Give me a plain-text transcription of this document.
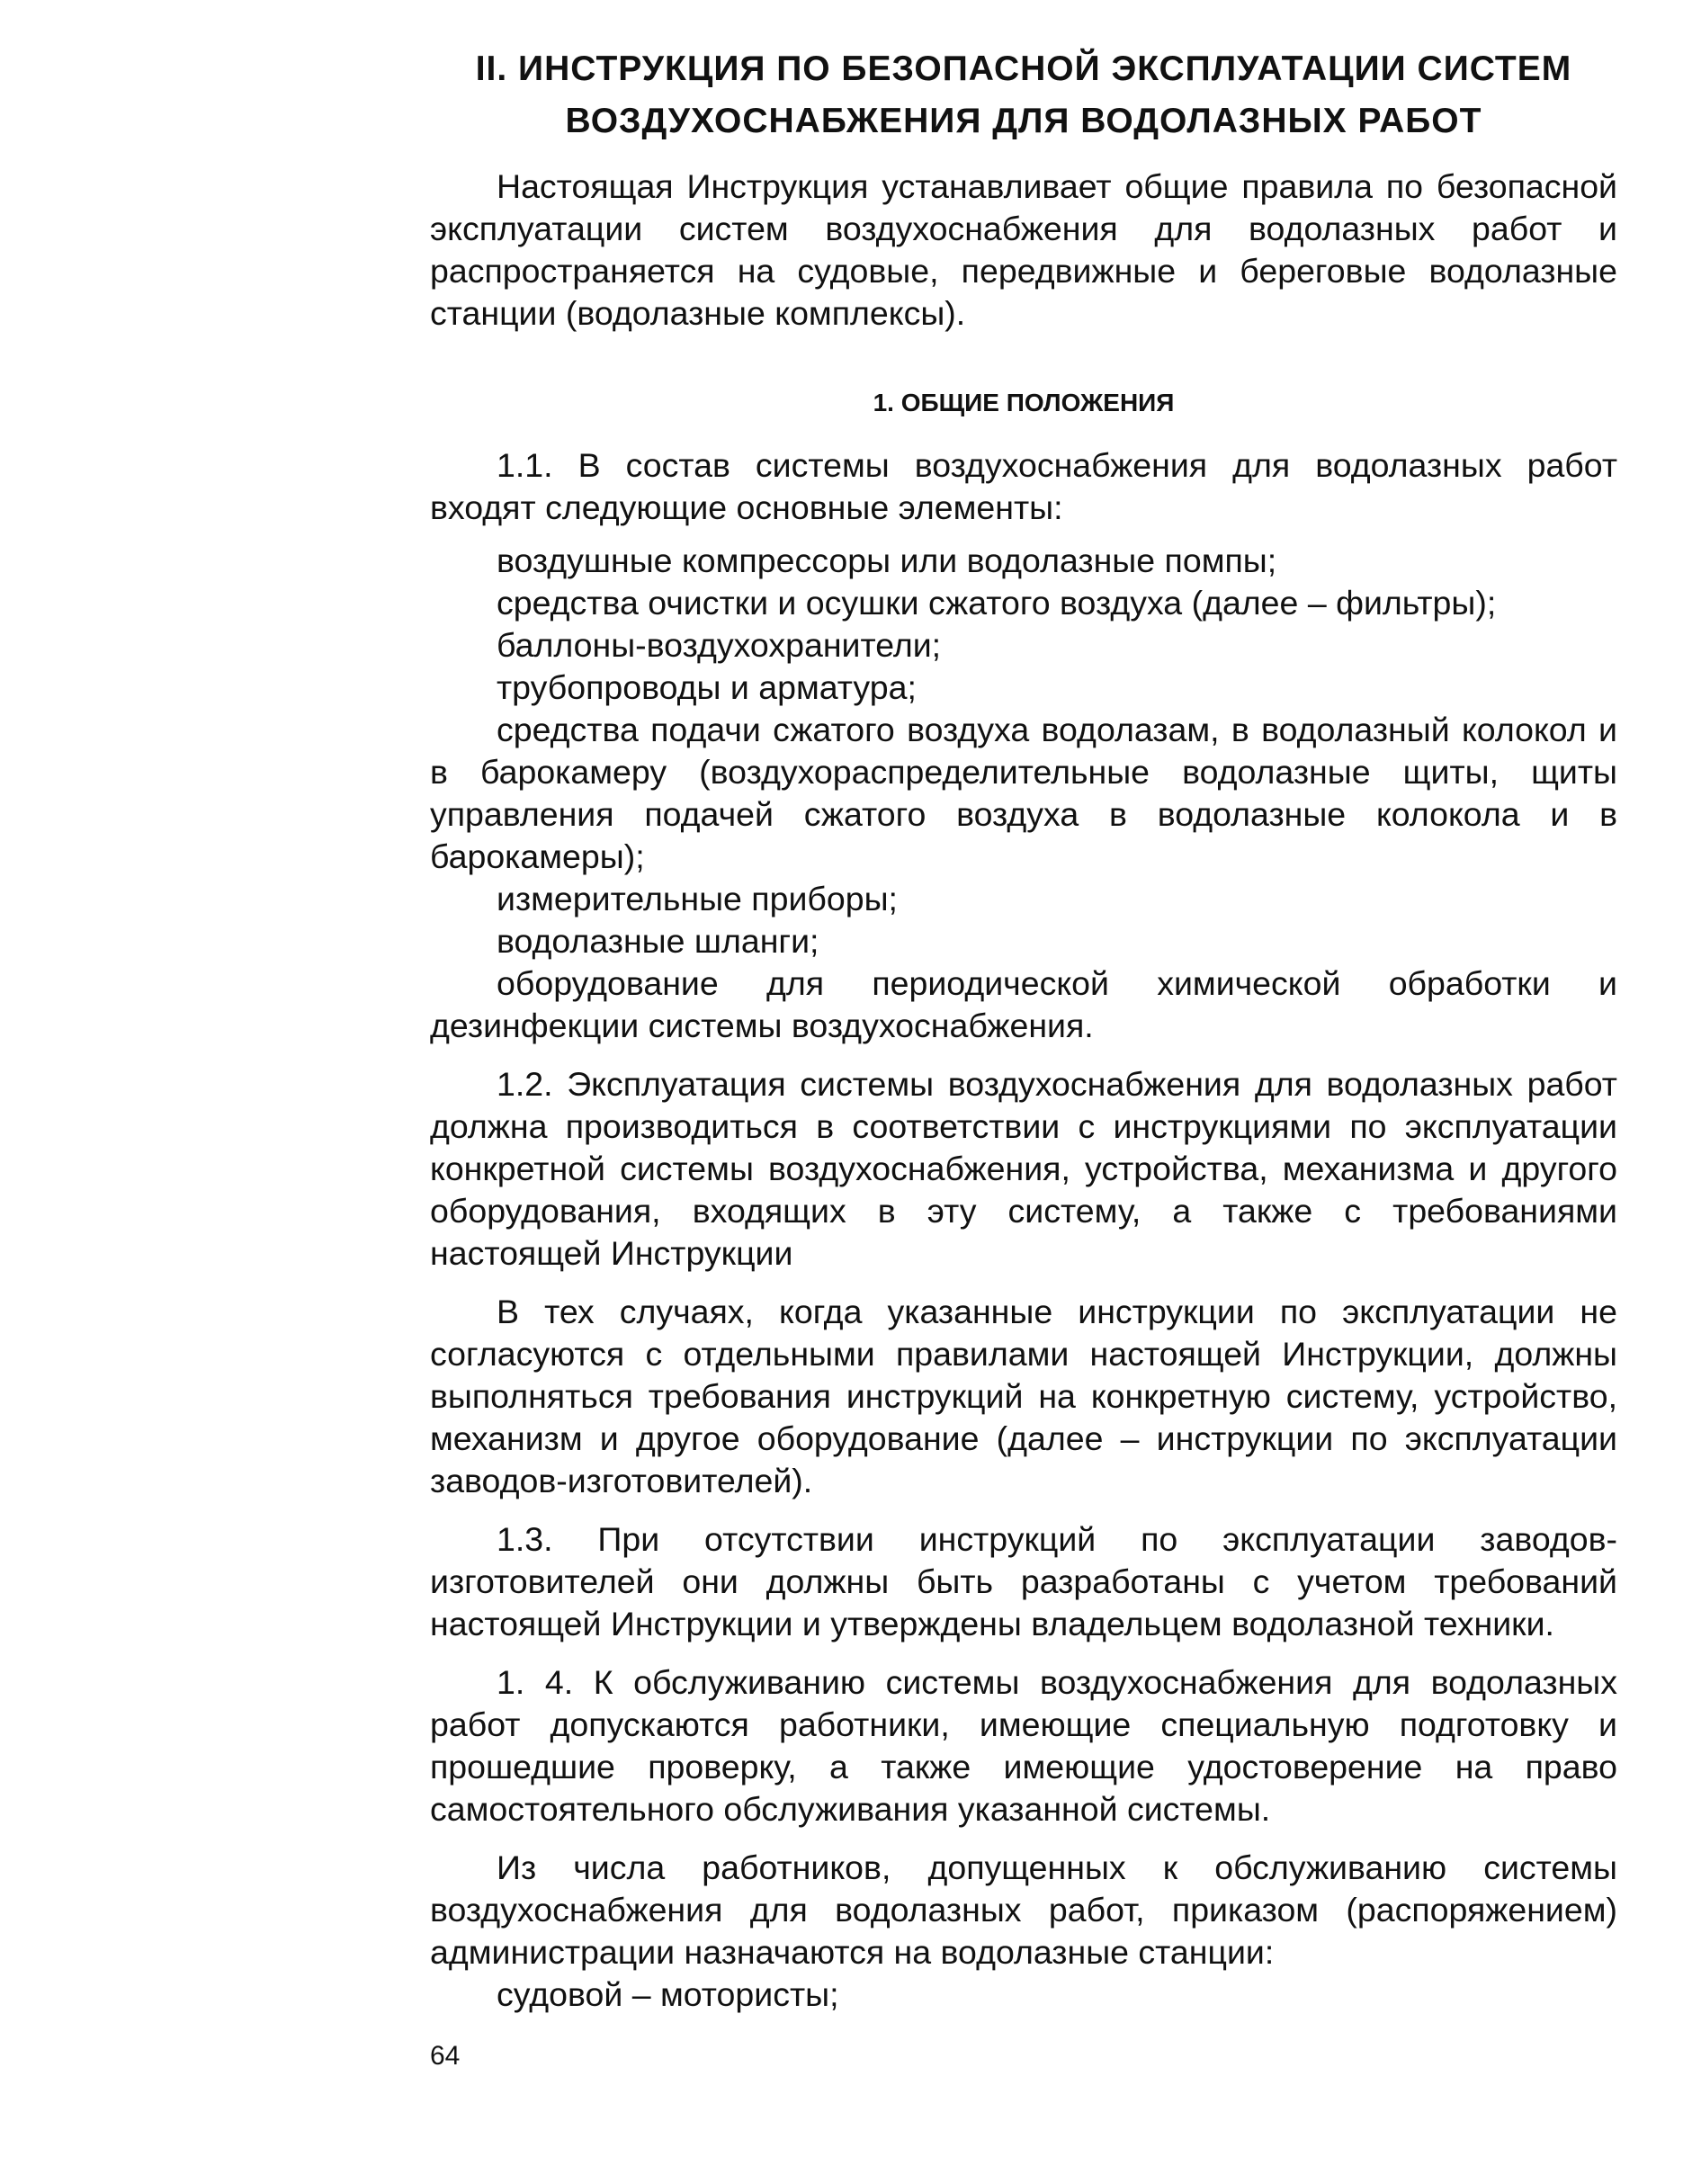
II. ИНСТРУКЦИЯ ПО БЕЗОПАСНОЙ ЭКСПЛУАТАЦИИ СИСТЕМ
ВОЗДУХОСНАБЖЕНИЯ ДЛЯ ВОДОЛАЗНЫХ РАБОТ

Настоящая Инструкция устанавливает общие правила по безопасной эксплуатации систем воздухоснабжения для водолазных работ и распространяется на судовые, передвижные и береговые водолазные станции (водолазные комплексы).

1. ОБЩИЕ ПОЛОЖЕНИЯ

1.1. В состав системы воздухоснабжения для водолазных работ входят следующие основные элементы:

воздушные компрессоры или водолазные помпы;

средства очистки и осушки сжатого воздуха (далее – фильтры);

баллоны-воздухохранители;

трубопроводы и арматура;

средства подачи сжатого воздуха водолазам, в водолазный колокол и в барокамеру (воздухораспределительные водолазные щиты, щиты управления подачей сжатого воздуха в водолазные колокола и в барокамеры);

измерительные приборы;

водолазные шланги;

оборудование для периодической химической обработки и дезинфекции системы воздухоснабжения.

1.2. Эксплуатация системы воздухоснабжения для водолазных работ должна производиться в соответствии с инструкциями по эксплуатации конкретной системы воздухоснабжения, устройства, механизма и другого оборудования, входящих в эту систему, а также с требованиями настоящей Инструкции

В тех случаях, когда указанные инструкции по эксплуатации не согласуются с отдельными правилами настоящей Инструкции, должны выполняться требования инструкций на конкретную систему, устройство, механизм и другое оборудование (далее – инструкции по эксплуатации заводов-изготовителей).

1.3. При отсутствии инструкций по эксплуатации заводов-изготовителей они должны быть разработаны с учетом требований настоящей Инструкции и утверждены владельцем водолазной техники.

1. 4. К обслуживанию системы воздухоснабжения для водолазных работ допускаются работники, имеющие специальную подготовку и прошедшие проверку, а также имеющие удостоверение на право самостоятельного обслуживания указанной системы.

Из числа работников, допущенных к обслуживанию системы воздухоснабжения для водолазных работ, приказом (распоряжением) администрации назначаются на водолазные станции:

судовой – мотористы;

64
